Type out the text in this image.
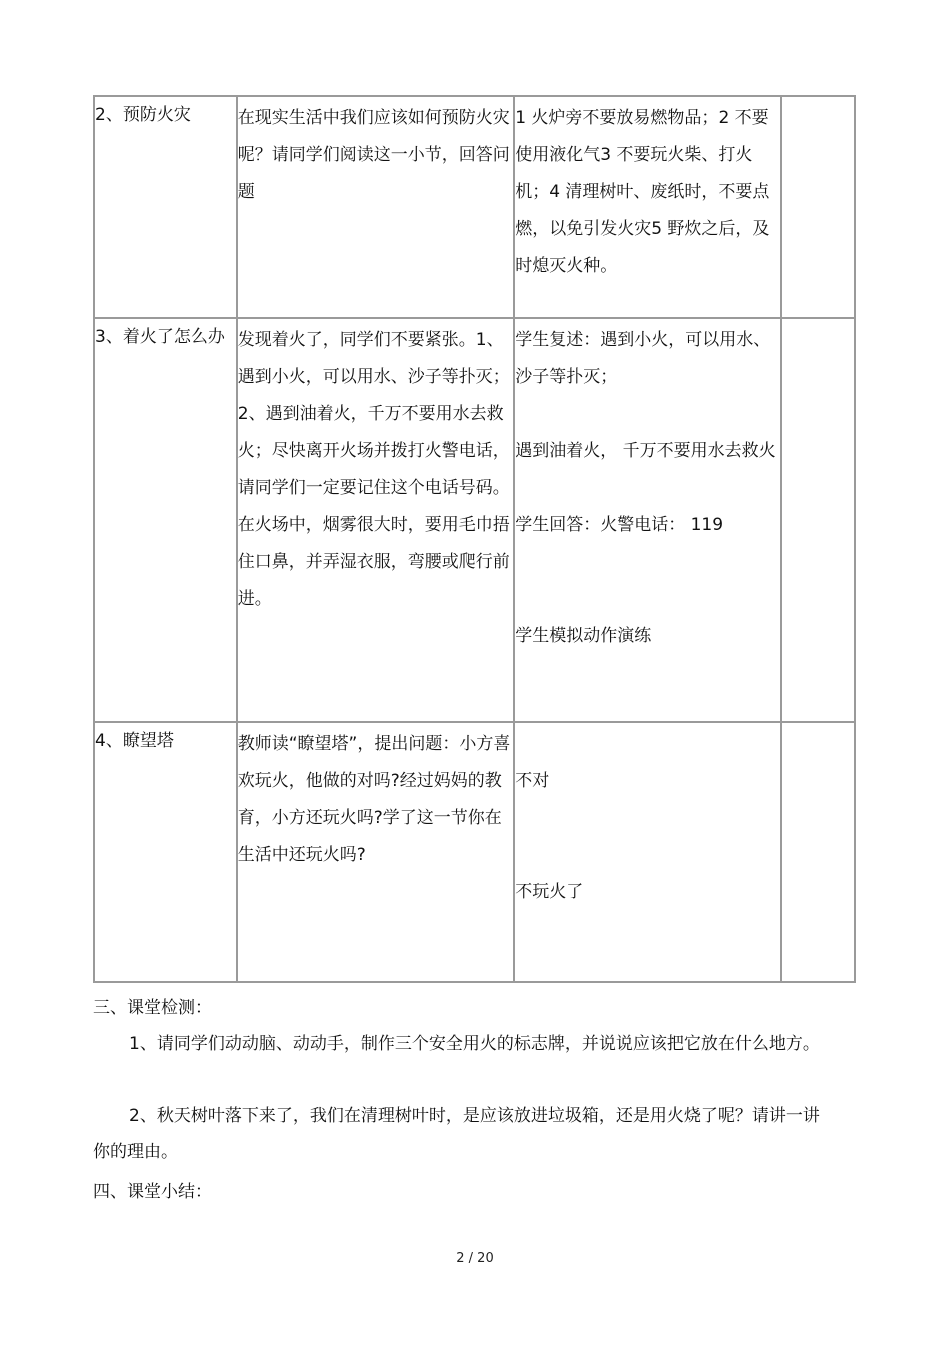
2、预防火灾	在现实生活中我们应该如何预防火灾呢？请同学们阅读这一小节，回答问题	1 火炉旁不要放易燃物品；2 不要使用液化气3 不要玩火柴、打火机；4 清理树叶、废纸时，不要点燃，以免引发火灾5 野炊之后，及时熄灭火种。	

3、着火了怎么办	发现着火了，同学们不要紧张。1、遇到小火，可以用水、沙子等扑灭；2、遇到油着火，千万不要用水去救火；尽快离开火场并拨打火警电话，请同学们一定要记住这个电话号码。在火场中，烟雾很大时，要用毛巾捂住口鼻，并弄湿衣服，弯腰或爬行前进。	学生复述：遇到小火，可以用水、沙子等扑灭；
遇到油着火， 千万不要用水去救火
学生回答：火警电话： 119
学生模拟动作演练	

4、瞭望塔	教师读“瞭望塔”，提出问题：小方喜欢玩火，他做的对吗?经过妈妈的教育，小方还玩火吗?学了这一节你在生活中还玩火吗?	不对
不玩火了	

三、课堂检测：

1、请同学们动动脑、动动手，制作三个安全用火的标志牌，并说说应该把它放在什么地方。

2、秋天树叶落下来了，我们在清理树叶时，是应该放进垃圾箱，还是用火烧了呢？请讲一讲你的理由。

四、课堂小结：

2 / 20
